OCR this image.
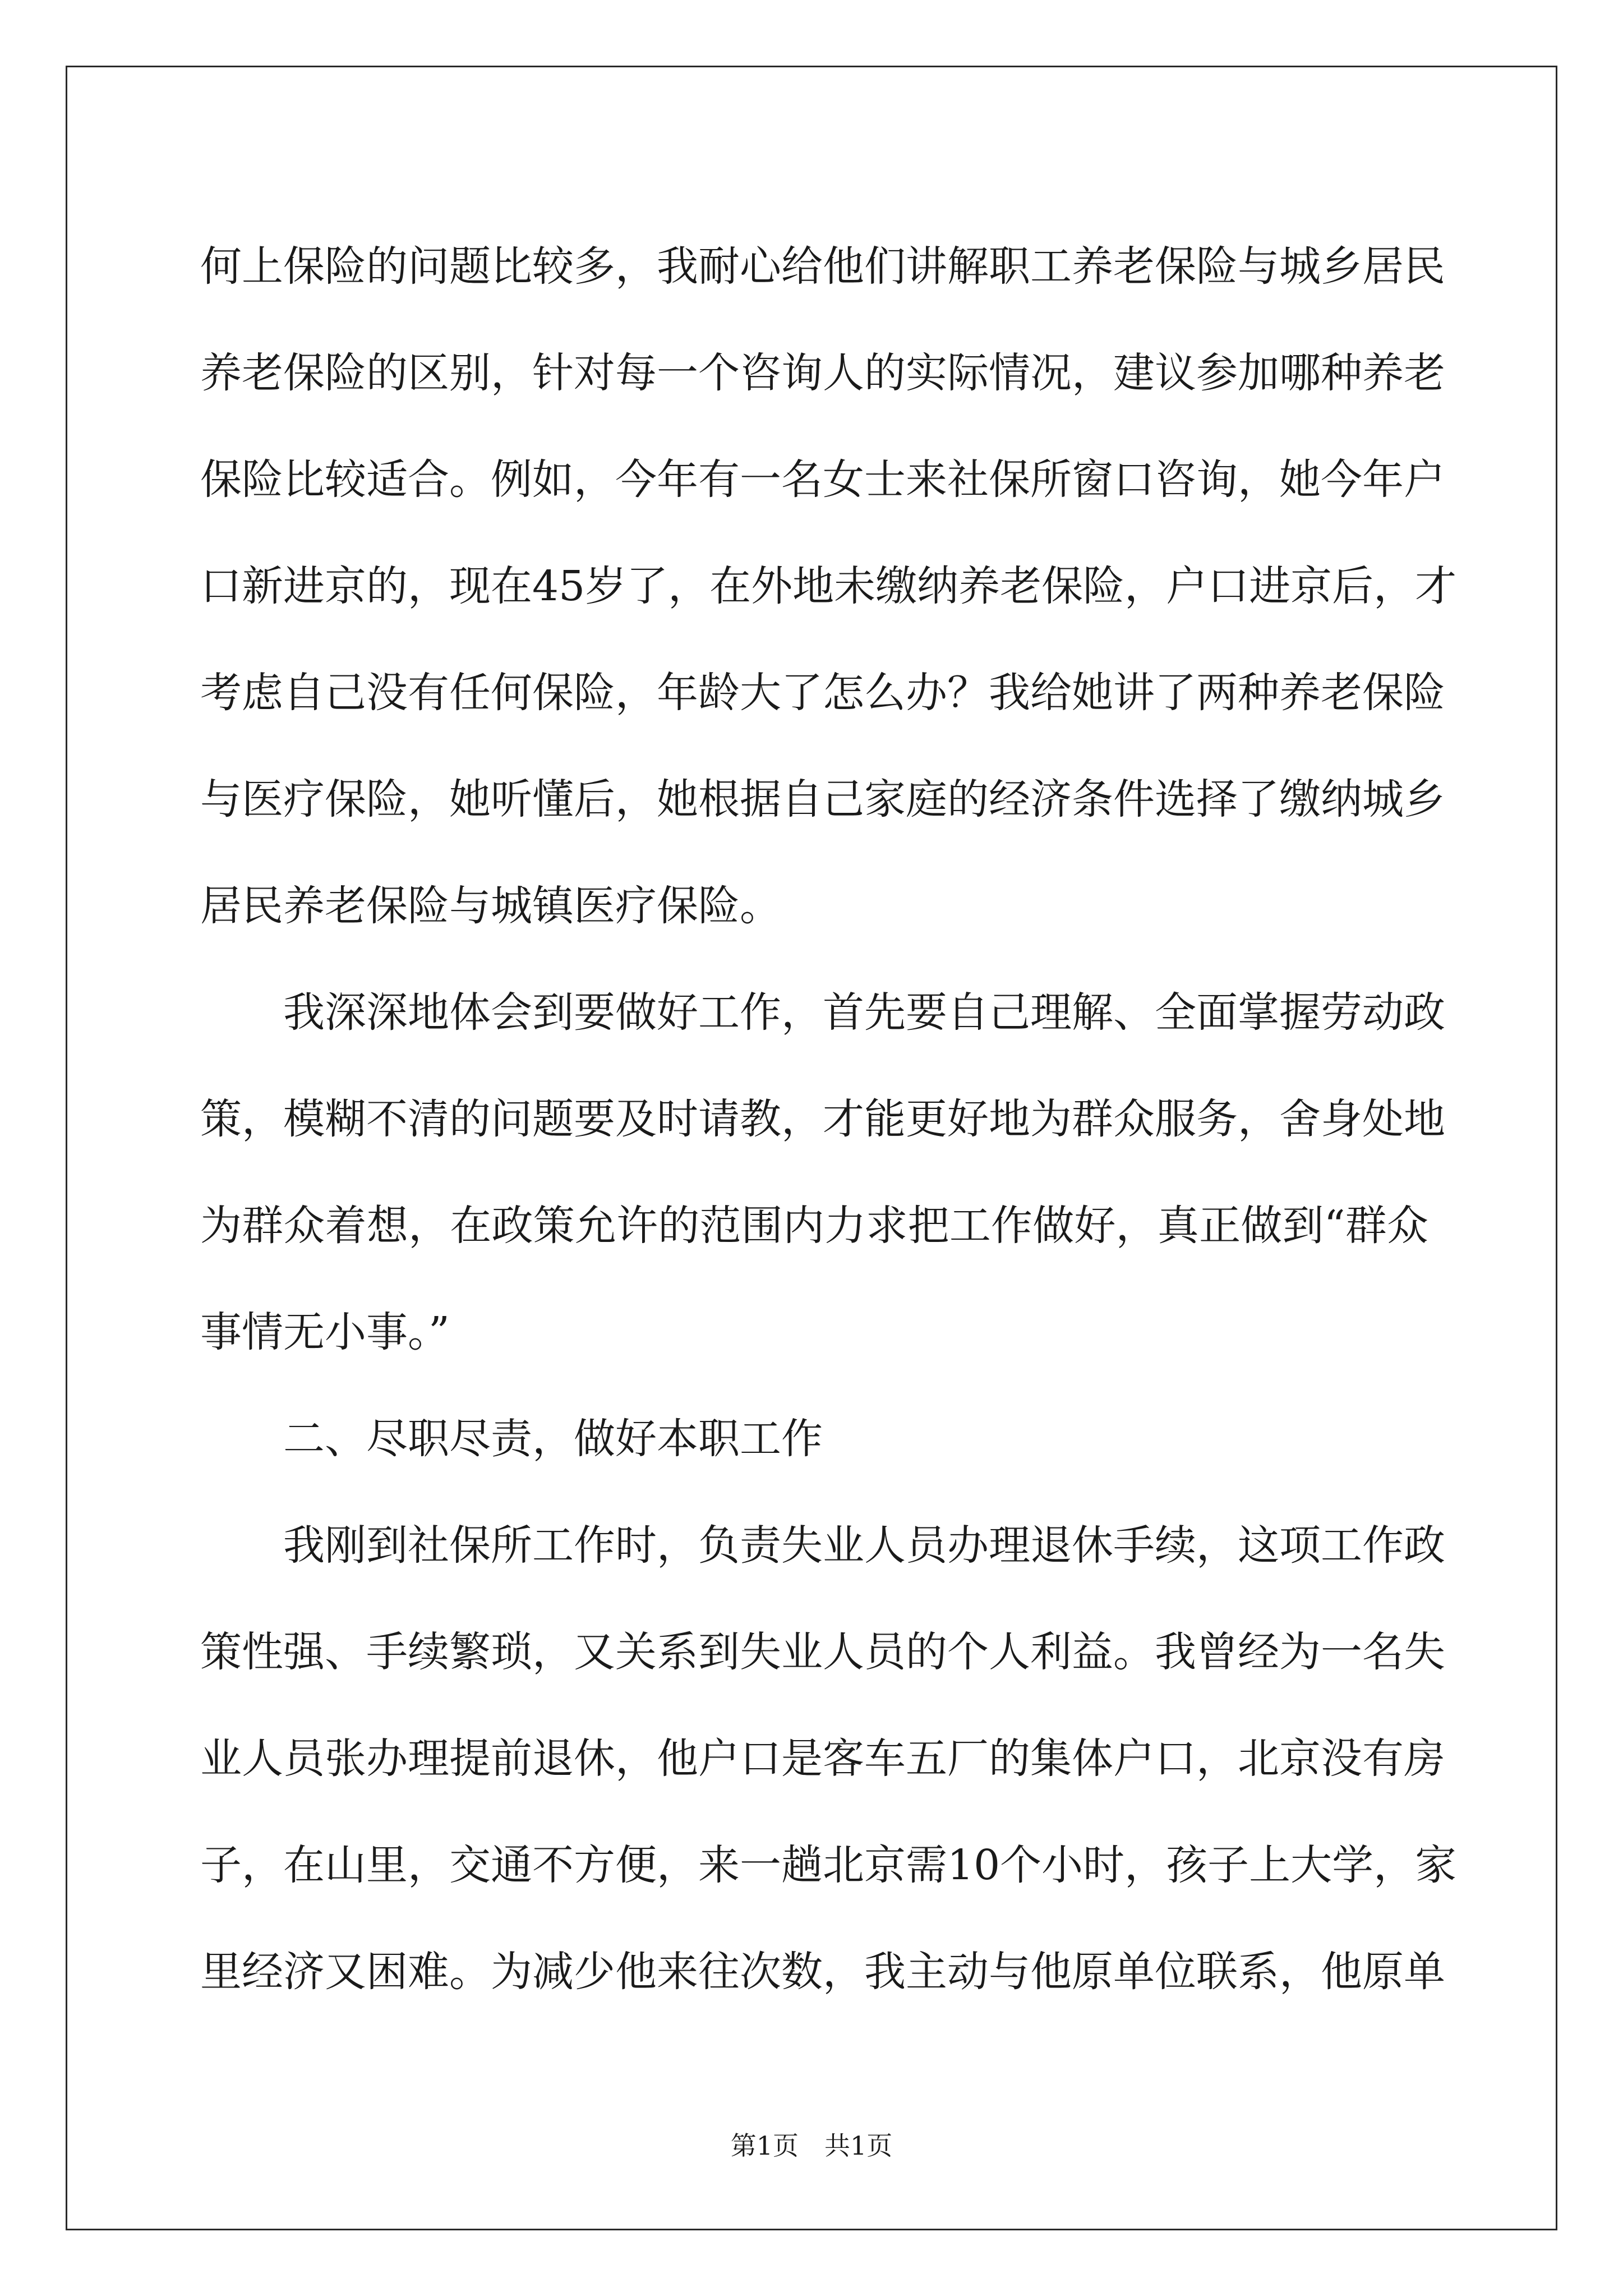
何上保险的问题比较多，我耐心给他们讲解职工养老保险与城乡居民
养老保险的区别，针对每一个咨询人的实际情况，建议参加哪种养老
保险比较适合。例如，今年有一名女士来社保所窗口咨询，她今年户
口新进京的，现在45岁了，在外地未缴纳养老保险，户口进京后，才
考虑自己没有任何保险，年龄大了怎么办？我给她讲了两种养老保险
与医疗保险，她听懂后，她根据自己家庭的经济条件选择了缴纳城乡
居民养老保险与城镇医疗保险。
我深深地体会到要做好工作，首先要自己理解、全面掌握劳动政
策，模糊不清的问题要及时请教，才能更好地为群众服务，舍身处地
为群众着想，在政策允许的范围内力求把工作做好，真正做到“群众
事情无小事。”
二、尽职尽责，做好本职工作
我刚到社保所工作时，负责失业人员办理退休手续，这项工作政
策性强、手续繁琐，又关系到失业人员的个人利益。我曾经为一名失
业人员张办理提前退休，他户口是客车五厂的集体户口，北京没有房
子，在山里，交通不方便，来一趟北京需10个小时，孩子上大学，家
里经济又困难。为减少他来往次数，我主动与他原单位联系，他原单
第1页　共1页
